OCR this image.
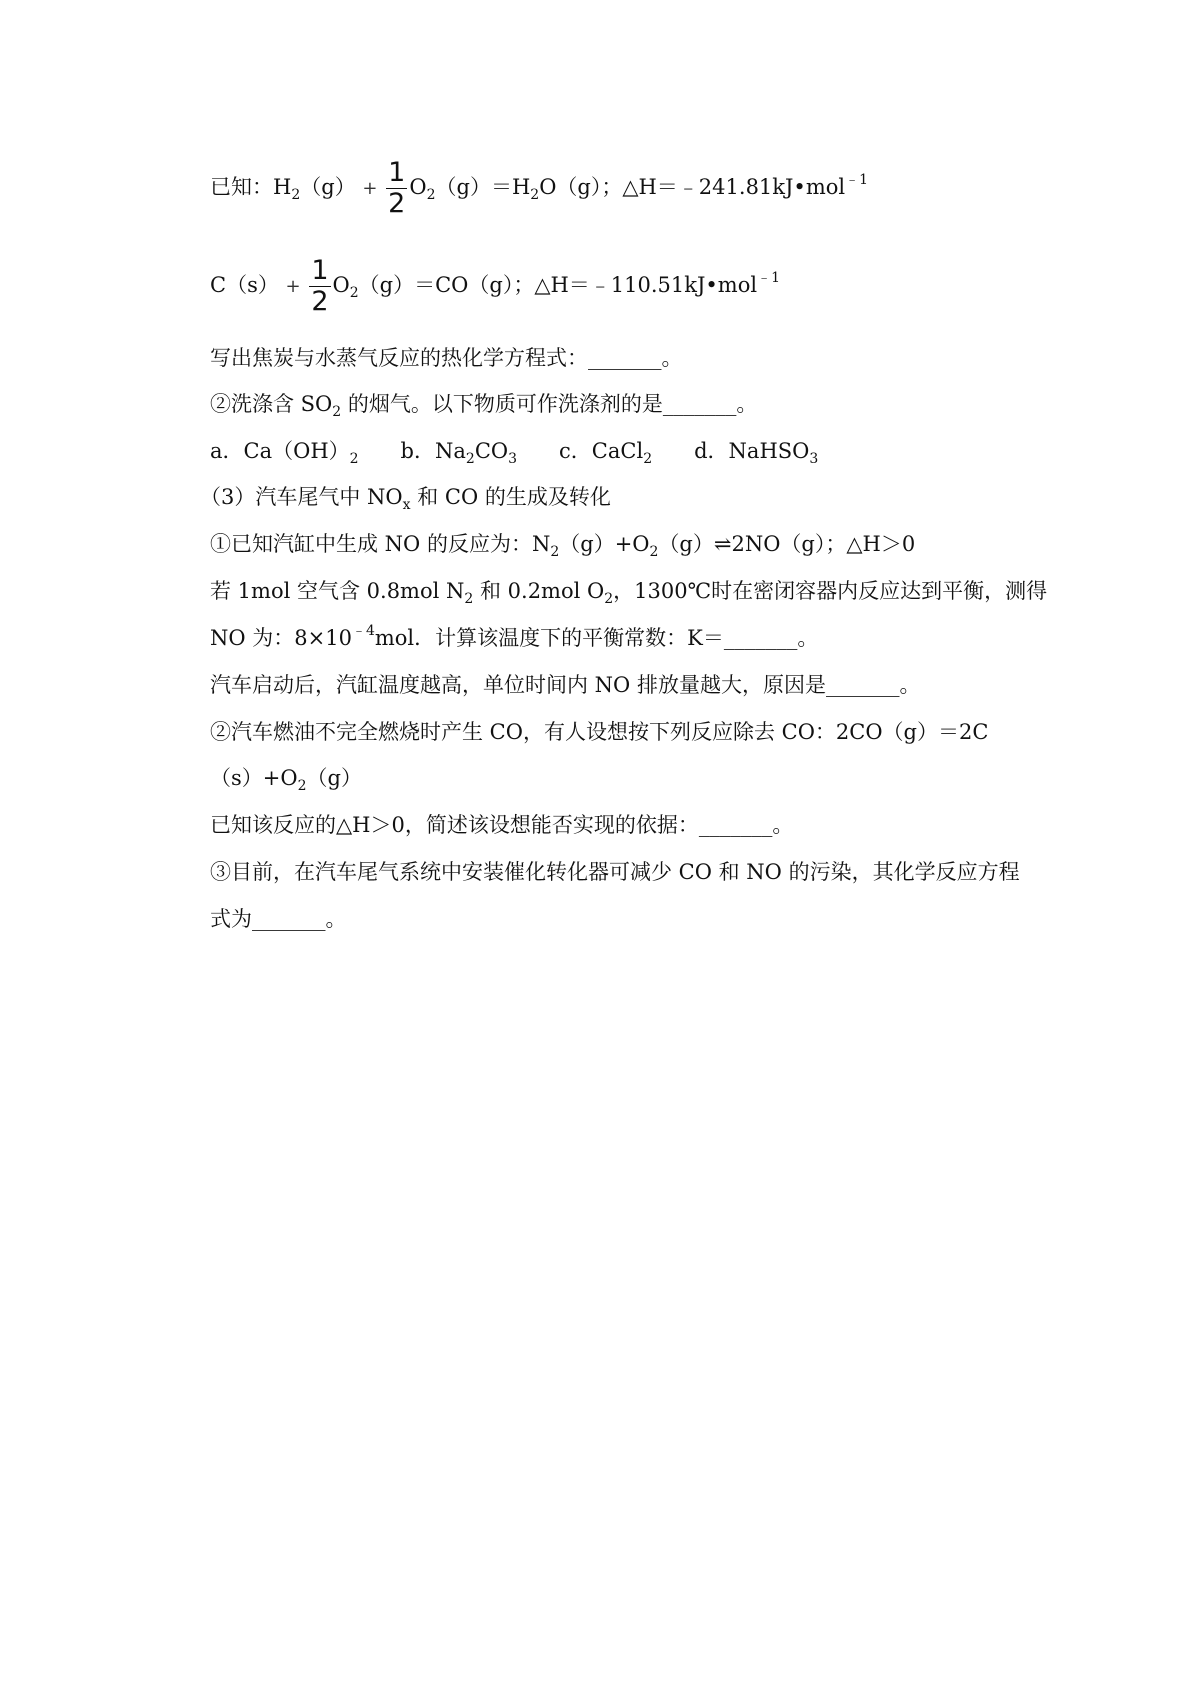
已知：$H_2(g) + \frac{1}{2} O_2(g)=H_2O(g)$；△H＝﹣241.81kJ•mol$^{﹣1}$
$C(s) + \frac{1}{2} O_2(g)=CO(g)$；△H＝﹣110.51kJ•mol$^{﹣1}$
写出焦炭与水蒸气反应的热化学方程式：_______。
②洗涤含 $SO_2$ 的烟气。以下物质可作洗涤剂的是_______。
a．$Ca(OH)_2$　　b．$Na_2CO_3$　　c．CaCl$_2$　　d．NaHSO$_3$
（3）汽车尾气中 $NO_x$ 和 CO 的生成及转化
①已知汽缸中生成 NO 的反应为：$N_2(g)+O_2(g)\rightleftharpoons 2NO(g)$；△H＞0
若 1mol 空气含 0.8mol $N_2$ 和 0.2mol $O_2$，1300℃时在密闭容器内反应达到平衡，测得
NO 为：$8\times 10^{﹣4}mol$．计算该温度下的平衡常数：K＝_______。
汽车启动后，汽缸温度越高，单位时间内 NO 排放量越大，原因是_______。
②汽车燃油不完全燃烧时产生 CO，有人设想按下列反应除去 CO：2CO（g）＝2C
$(s)+O_2(g)$
已知该反应的△H＞0，简述该设想能否实现的依据：_______。
③目前，在汽车尾气系统中安装催化转化器可减少 CO 和 NO 的污染，其化学反应方程
式为_______。
